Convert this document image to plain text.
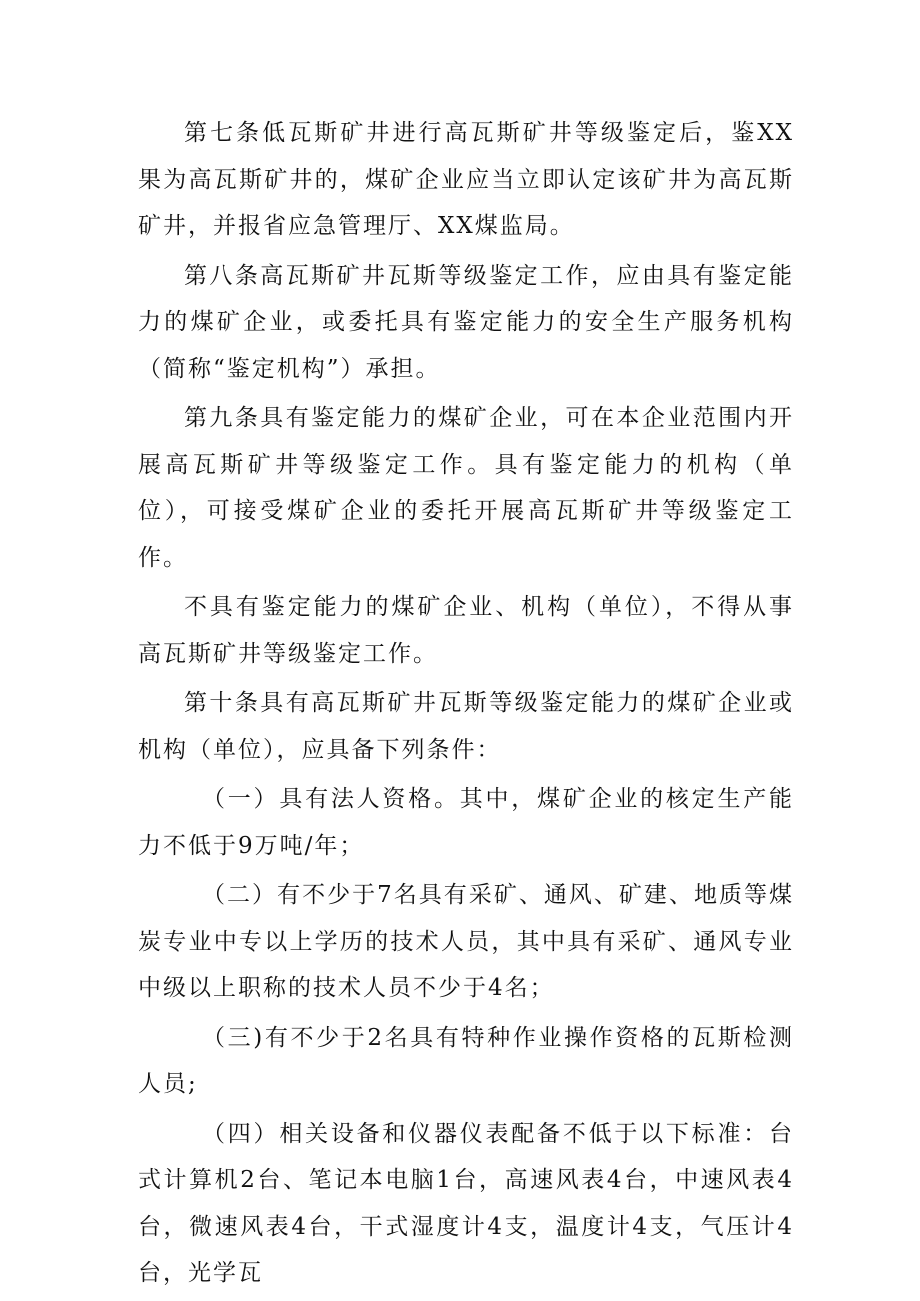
第七条低瓦斯矿井进行高瓦斯矿井等级鉴定后，鉴XX果为高瓦斯矿井的，煤矿企业应当立即认定该矿井为高瓦斯矿井，并报省应急管理厅、XX煤监局。

第八条高瓦斯矿井瓦斯等级鉴定工作，应由具有鉴定能力的煤矿企业，或委托具有鉴定能力的安全生产服务机构（简称“鉴定机构”）承担。

第九条具有鉴定能力的煤矿企业，可在本企业范围内开展高瓦斯矿井等级鉴定工作。具有鉴定能力的机构（单位），可接受煤矿企业的委托开展高瓦斯矿井等级鉴定工作。

不具有鉴定能力的煤矿企业、机构（单位），不得从事高瓦斯矿井等级鉴定工作。

第十条具有高瓦斯矿井瓦斯等级鉴定能力的煤矿企业或机构（单位），应具备下列条件：

（一）具有法人资格。其中，煤矿企业的核定生产能力不低于9万吨/年；

（二）有不少于7名具有采矿、通风、矿建、地质等煤炭专业中专以上学历的技术人员，其中具有采矿、通风专业中级以上职称的技术人员不少于4名；

（三)有不少于2名具有特种作业操作资格的瓦斯检测人员;

（四）相关设备和仪器仪表配备不低于以下标准：台式计算机2台、笔记本电脑1台，高速风表4台，中速风表4台，微速风表4台，干式湿度计4支，温度计4支，气压计4台，光学瓦
